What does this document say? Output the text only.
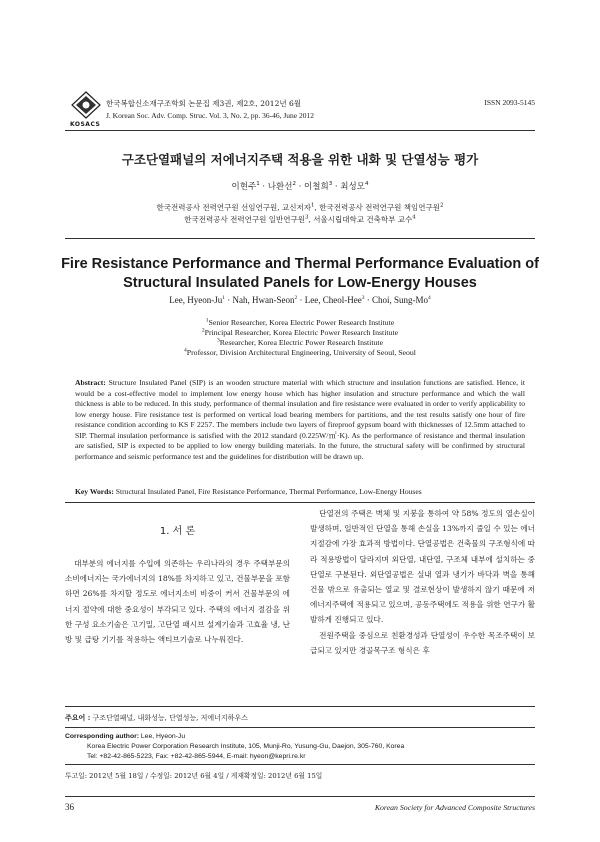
KOSACS
한국복합신소재구조학회 논문집 제3권, 제2호, 2012년 6월
J. Korean Soc. Adv. Comp. Struc. Vol. 3, No. 2, pp. 36-46, June 2012
ISSN 2093-5145
구조단열패널의 저에너지주택 적용을 위한 내화 및 단열성능 평가
이현주$^1$ · 나환선$^2$ · 이철희$^3$ · 최성모$^4$
한국전력공사 전력연구원 선임연구원, 교신저자$^1$, 한국전력공사 전력연구원 책임연구원$^2$
한국전력공사 전력연구원 일반연구원$^3$, 서울시립대학교 건축학부 교수$^4$
Fire Resistance Performance and Thermal Performance Evaluation of
Structural Insulated Panels for Low-Energy Houses
Lee, Hyeon-$Ju^1$ · Nah, Hwan-Seon$^2$ · Lee, Cheol-Hee$^3$ · Choi, Sung-Mo$^4$
$^1$Senior Researcher, Korea Electric Power Research Institute
$^2$Principal Researcher, Korea Electric Power Research Institute
$^3$Researcher, Korea Electric Power Research Institute
$^4$Professor, Division Architectural Engineering, University of Seoul, Seoul
Abstract: Structure Insulated Panel (SIP) is an wooden structure material with which structure and insulation functions are satisfied. Hence, it would be a cost-effective model to implement low energy house which has higher insulation and structure performance and which the wall thickness is able to be reduced. In this study, performance of thermal insulation and fire resistance were evaluated in order to verify applicability to low energy house. Fire resistance test is performed on vertical load bearing members for partitions, and the test results satisfy one hour of fire resistance condition according to KS F 2257. The members include two layers of fireproof gypsum board with thicknesses of 12.5mm attached to SIP. Thermal insulation performance is satisfied with the 2012 standard (0.225W/㎡·K). As the performance of resistance and thermal insulation are satisfied, SIP is expected to be applied to low energy building materials. In the future, the structural safety will be confirmed by structural performance and seismic performance test and the guidelines for distribution will be drawn up.
Key Words: Structural Insulated Panel, Fire Resistance Performance, Thermal Performance, Low-Energy Houses
1. 서 론

대부분의 에너지를 수입에 의존하는 우리나라의 경우 주택부문의 소비에너지는 국가에너지의 18%를 차지하고 있고, 건물부문을 포함하면 26%를 차지할 정도로 에너지소비 비중이 커서 건물부문의 에너지 절약에 대한 중요성이 부각되고 있다. 주택의 에너지 절감을 위한 구성 요소기술은 고기밀, 고단열 패시브 설계기술과 고효율 냉, 난방 및 급탕 기기를 적용하는 액티브기술로 나누워진다.

단열전의 주택은 벽체 및 지붕을 통하여 약 58% 정도의 열손실이 발생하며, 일반적인 단열을 통해 손실을 13%까지 줄일 수 있는 에너지절감에 가장 효과적 방법이다. 단열공법은 건축물의 구조형식에 따라 적용방법이 달라지며 외단열, 내단열, 구조체 내부에 설치하는 중단열로 구분된다. 외단열공법은 실내 열과 냉기가 바닥과 벽을 통해 건물 밖으로 유출되는 열교 및 결로현상이 발생하지 않기 때문에 저에너지주택에 적용되고 있으며, 공동주택에도 적용을 위한 연구가 활발하게 진행되고 있다.

전원주택을 중심으로 친환경성과 단열성이 우수한 목조주택이 보급되고 있지만 경골목구조 형식은 후

주요어 : 구조단열패널, 내화성능, 단열성능, 저에너지하우스
Corresponding author: Lee, Hyeon-Ju
Korea Electric Power Corporation Research Institute, 105, Munji-Ro, Yusung-Gu, Daejon, 305-760, Korea
Tel: +82-42-865-5223, Fax: +82-42-865-5944, E-mail: hyeon@kepri.re.kr
투고일: 2012년 5월 18일 / 수정일: 2012년 6월 4일 / 게재확정일: 2012년 6월 15일
36	Korean Society for Advanced Composite Structures
